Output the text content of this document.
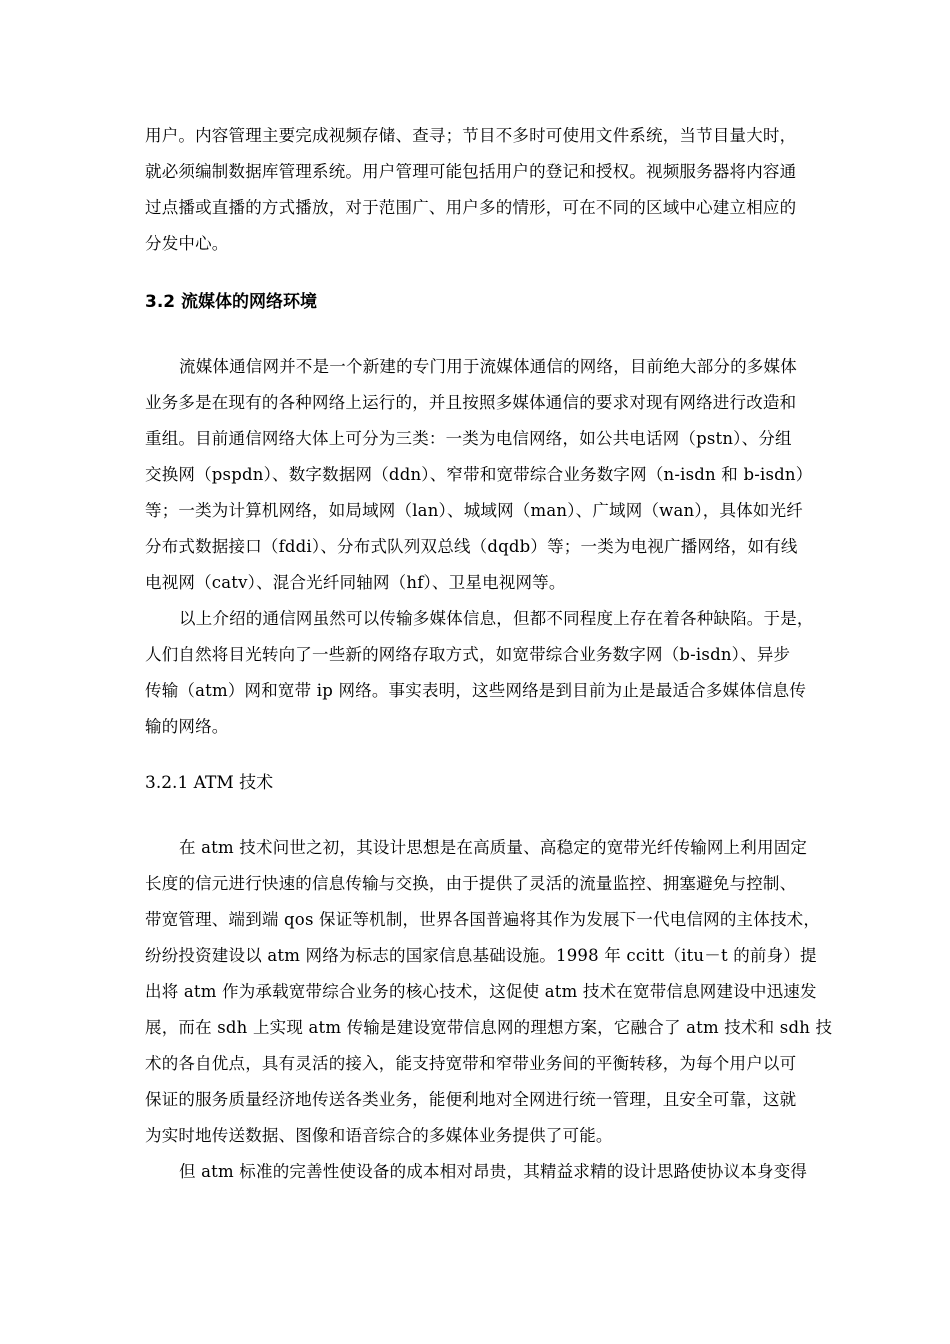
用户。内容管理主要完成视频存储、查寻；节目不多时可使用文件系统，当节目量大时，
就必须编制数据库管理系统。用户管理可能包括用户的登记和授权。视频服务器将内容通
过点播或直播的方式播放，对于范围广、用户多的情形，可在不同的区域中心建立相应的
分发中心。
3.2 流媒体的网络环境
流媒体通信网并不是一个新建的专门用于流媒体通信的网络，目前绝大部分的多媒体
业务多是在现有的各种网络上运行的，并且按照多媒体通信的要求对现有网络进行改造和
重组。目前通信网络大体上可分为三类：一类为电信网络，如公共电话网（pstn）、分组
交换网（pspdn）、数字数据网（ddn）、窄带和宽带综合业务数字网（n-isdn 和 b-isdn）
等；一类为计算机网络，如局域网（lan）、城域网（man）、广域网（wan），具体如光纤
分布式数据接口（fddi）、分布式队列双总线（dqdb）等；一类为电视广播网络，如有线
电视网（catv）、混合光纤同轴网（hf）、卫星电视网等。
以上介绍的通信网虽然可以传输多媒体信息，但都不同程度上存在着各种缺陷。于是，
人们自然将目光转向了一些新的网络存取方式，如宽带综合业务数字网（b-isdn）、异步
传输（atm）网和宽带 ip 网络。事实表明，这些网络是到目前为止是最适合多媒体信息传
输的网络。
3.2.1 ATM 技术
在 atm 技术问世之初，其设计思想是在高质量、高稳定的宽带光纤传输网上利用固定
长度的信元进行快速的信息传输与交换，由于提供了灵活的流量监控、拥塞避免与控制、
带宽管理、端到端 qos 保证等机制，世界各国普遍将其作为发展下一代电信网的主体技术，
纷纷投资建设以 atm 网络为标志的国家信息基础设施。1998 年 ccitt（itu－t 的前身）提
出将 atm 作为承载宽带综合业务的核心技术，这促使 atm 技术在宽带信息网建设中迅速发
展，而在 sdh 上实现 atm 传输是建设宽带信息网的理想方案，它融合了 atm 技术和 sdh 技
术的各自优点，具有灵活的接入，能支持宽带和窄带业务间的平衡转移，为每个用户以可
保证的服务质量经济地传送各类业务，能便利地对全网进行统一管理，且安全可靠，这就
为实时地传送数据、图像和语音综合的多媒体业务提供了可能。
但 atm 标准的完善性使设备的成本相对昂贵，其精益求精的设计思路使协议本身变得
